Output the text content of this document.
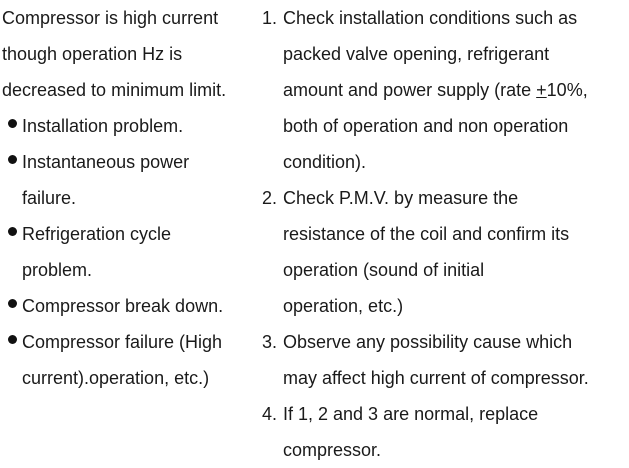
Compressor is high current
though operation Hz is
decreased to minimum limit.
Installation problem.
Instantaneous power
failure.
Refrigeration cycle
problem.
Compressor break down.
Compressor failure (High
current).operation, etc.)
1. Check installation conditions such as
packed valve opening, refrigerant
amount and power supply (rate +10%,
both of operation and non operation
condition).
2. Check P.M.V. by measure the
resistance of the coil and confirm its
operation (sound of initial
operation, etc.)
3. Observe any possibility cause which
may affect high current of compressor.
4. If 1, 2 and 3 are normal, replace
compressor.
